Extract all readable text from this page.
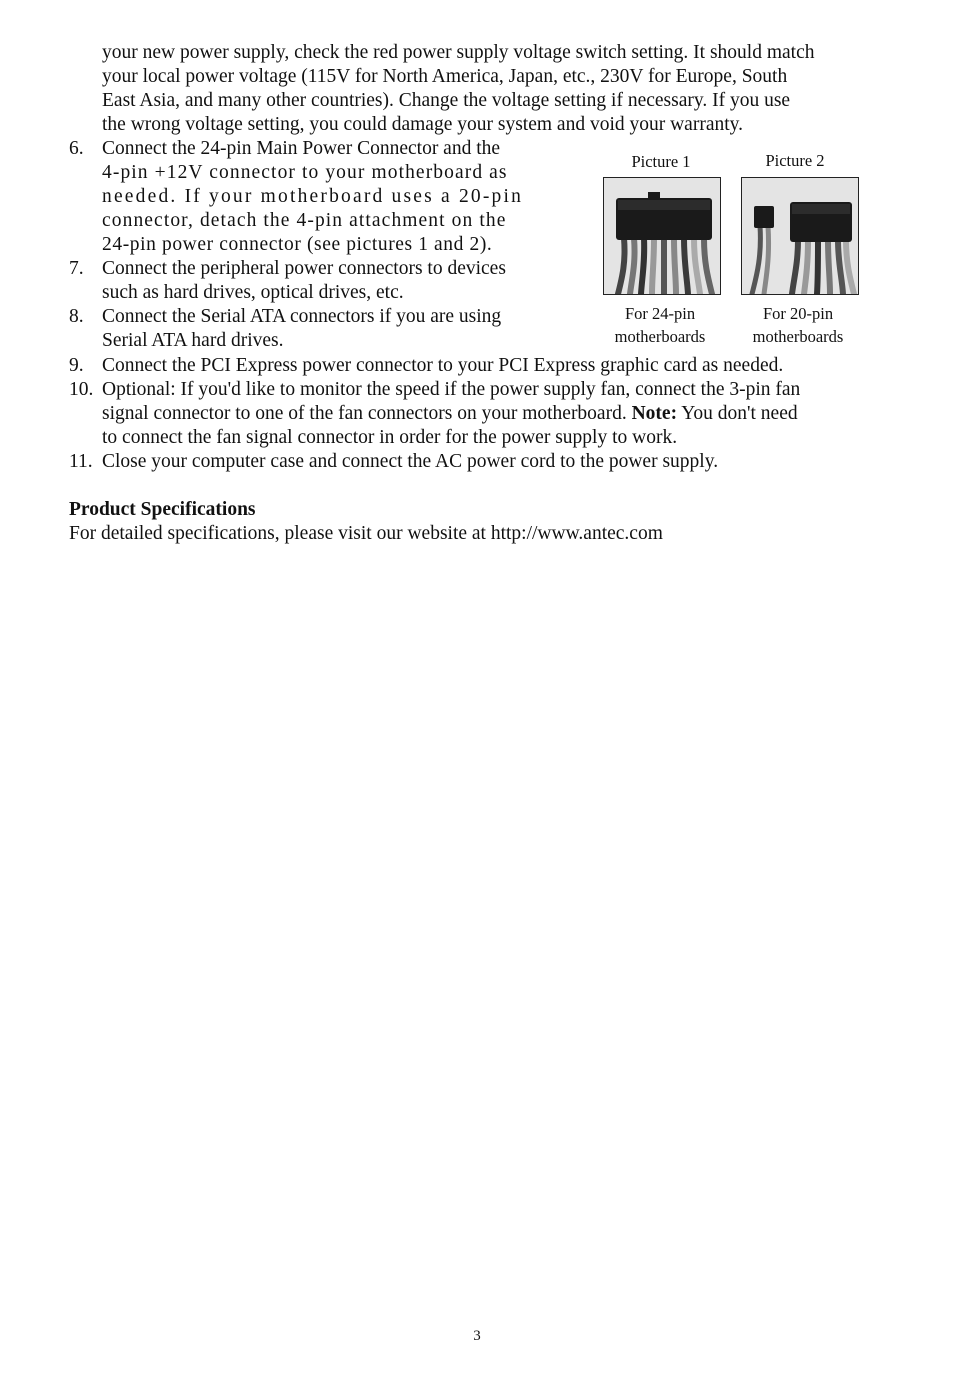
your new power supply, check the red power supply voltage switch setting. It should match
your local power voltage (115V for North America, Japan, etc., 230V for Europe, South
East Asia, and many other countries). Change the voltage setting if necessary. If you use
the wrong voltage setting, you could damage your system and void your warranty.
6. Connect the 24-pin Main Power Connector and the
4-pin +12V connector to your motherboard as
needed. If your motherboard uses a 20-pin
connector, detach the 4-pin attachment on the
24-pin power connector (see pictures 1 and 2).
7. Connect the peripheral power connectors to devices
such as hard drives, optical drives, etc.
8. Connect the Serial ATA connectors if you are using
Serial ATA hard drives.
Picture 1
For 24-pin
motherboards
Picture 2
For 20-pin
motherboards
9. Connect the PCI Express power connector to your PCI Express graphic card as needed.
10. Optional: If you'd like to monitor the speed if the power supply fan, connect the 3-pin fan
signal connector to one of the fan connectors on your motherboard. Note: You don't need
to connect the fan signal connector in order for the power supply to work.
11. Close your computer case and connect the AC power cord to the power supply.
Product Specifications
For detailed specifications, please visit our website at http://www.antec.com
3
